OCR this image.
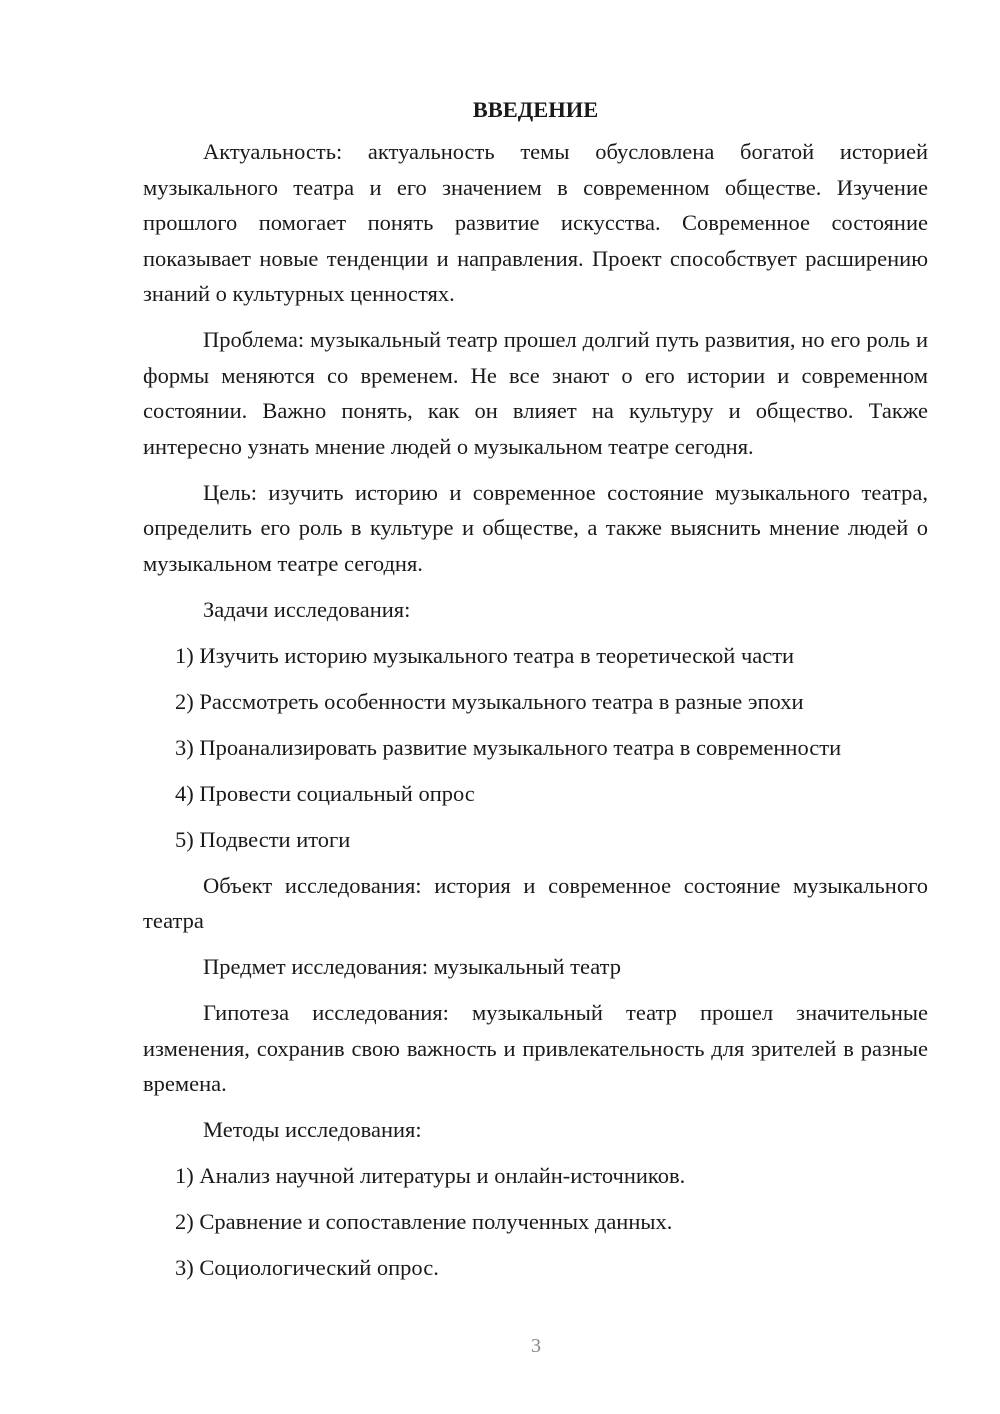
ВВЕДЕНИЕ

Актуальность: актуальность темы обусловлена богатой историей музыкального театра и его значением в современном обществе. Изучение прошлого помогает понять развитие искусства. Современное состояние показывает новые тенденции и направления. Проект способствует расширению знаний о культурных ценностях.

Проблема: музыкальный театр прошел долгий путь развития, но его роль и формы меняются со временем. Не все знают о его истории и современном состоянии. Важно понять, как он влияет на культуру и общество. Также интересно узнать мнение людей о музыкальном театре сегодня.

Цель: изучить историю и современное состояние музыкального театра, определить его роль в культуре и обществе, а также выяснить мнение людей о музыкальном театре сегодня.

Задачи исследования:

1) Изучить историю музыкального театра в теоретической части

2) Рассмотреть особенности музыкального театра в разные эпохи

3) Проанализировать развитие музыкального театра в современности

4) Провести социальный опрос

5) Подвести итоги

Объект исследования: история и современное состояние музыкального театра

Предмет исследования: музыкальный театр

Гипотеза исследования: музыкальный театр прошел значительные изменения, сохранив свою важность и привлекательность для зрителей в разные времена.

Методы исследования:

1) Анализ научной литературы и онлайн-источников.

2) Сравнение и сопоставление полученных данных.

3) Социологический опрос.

3
